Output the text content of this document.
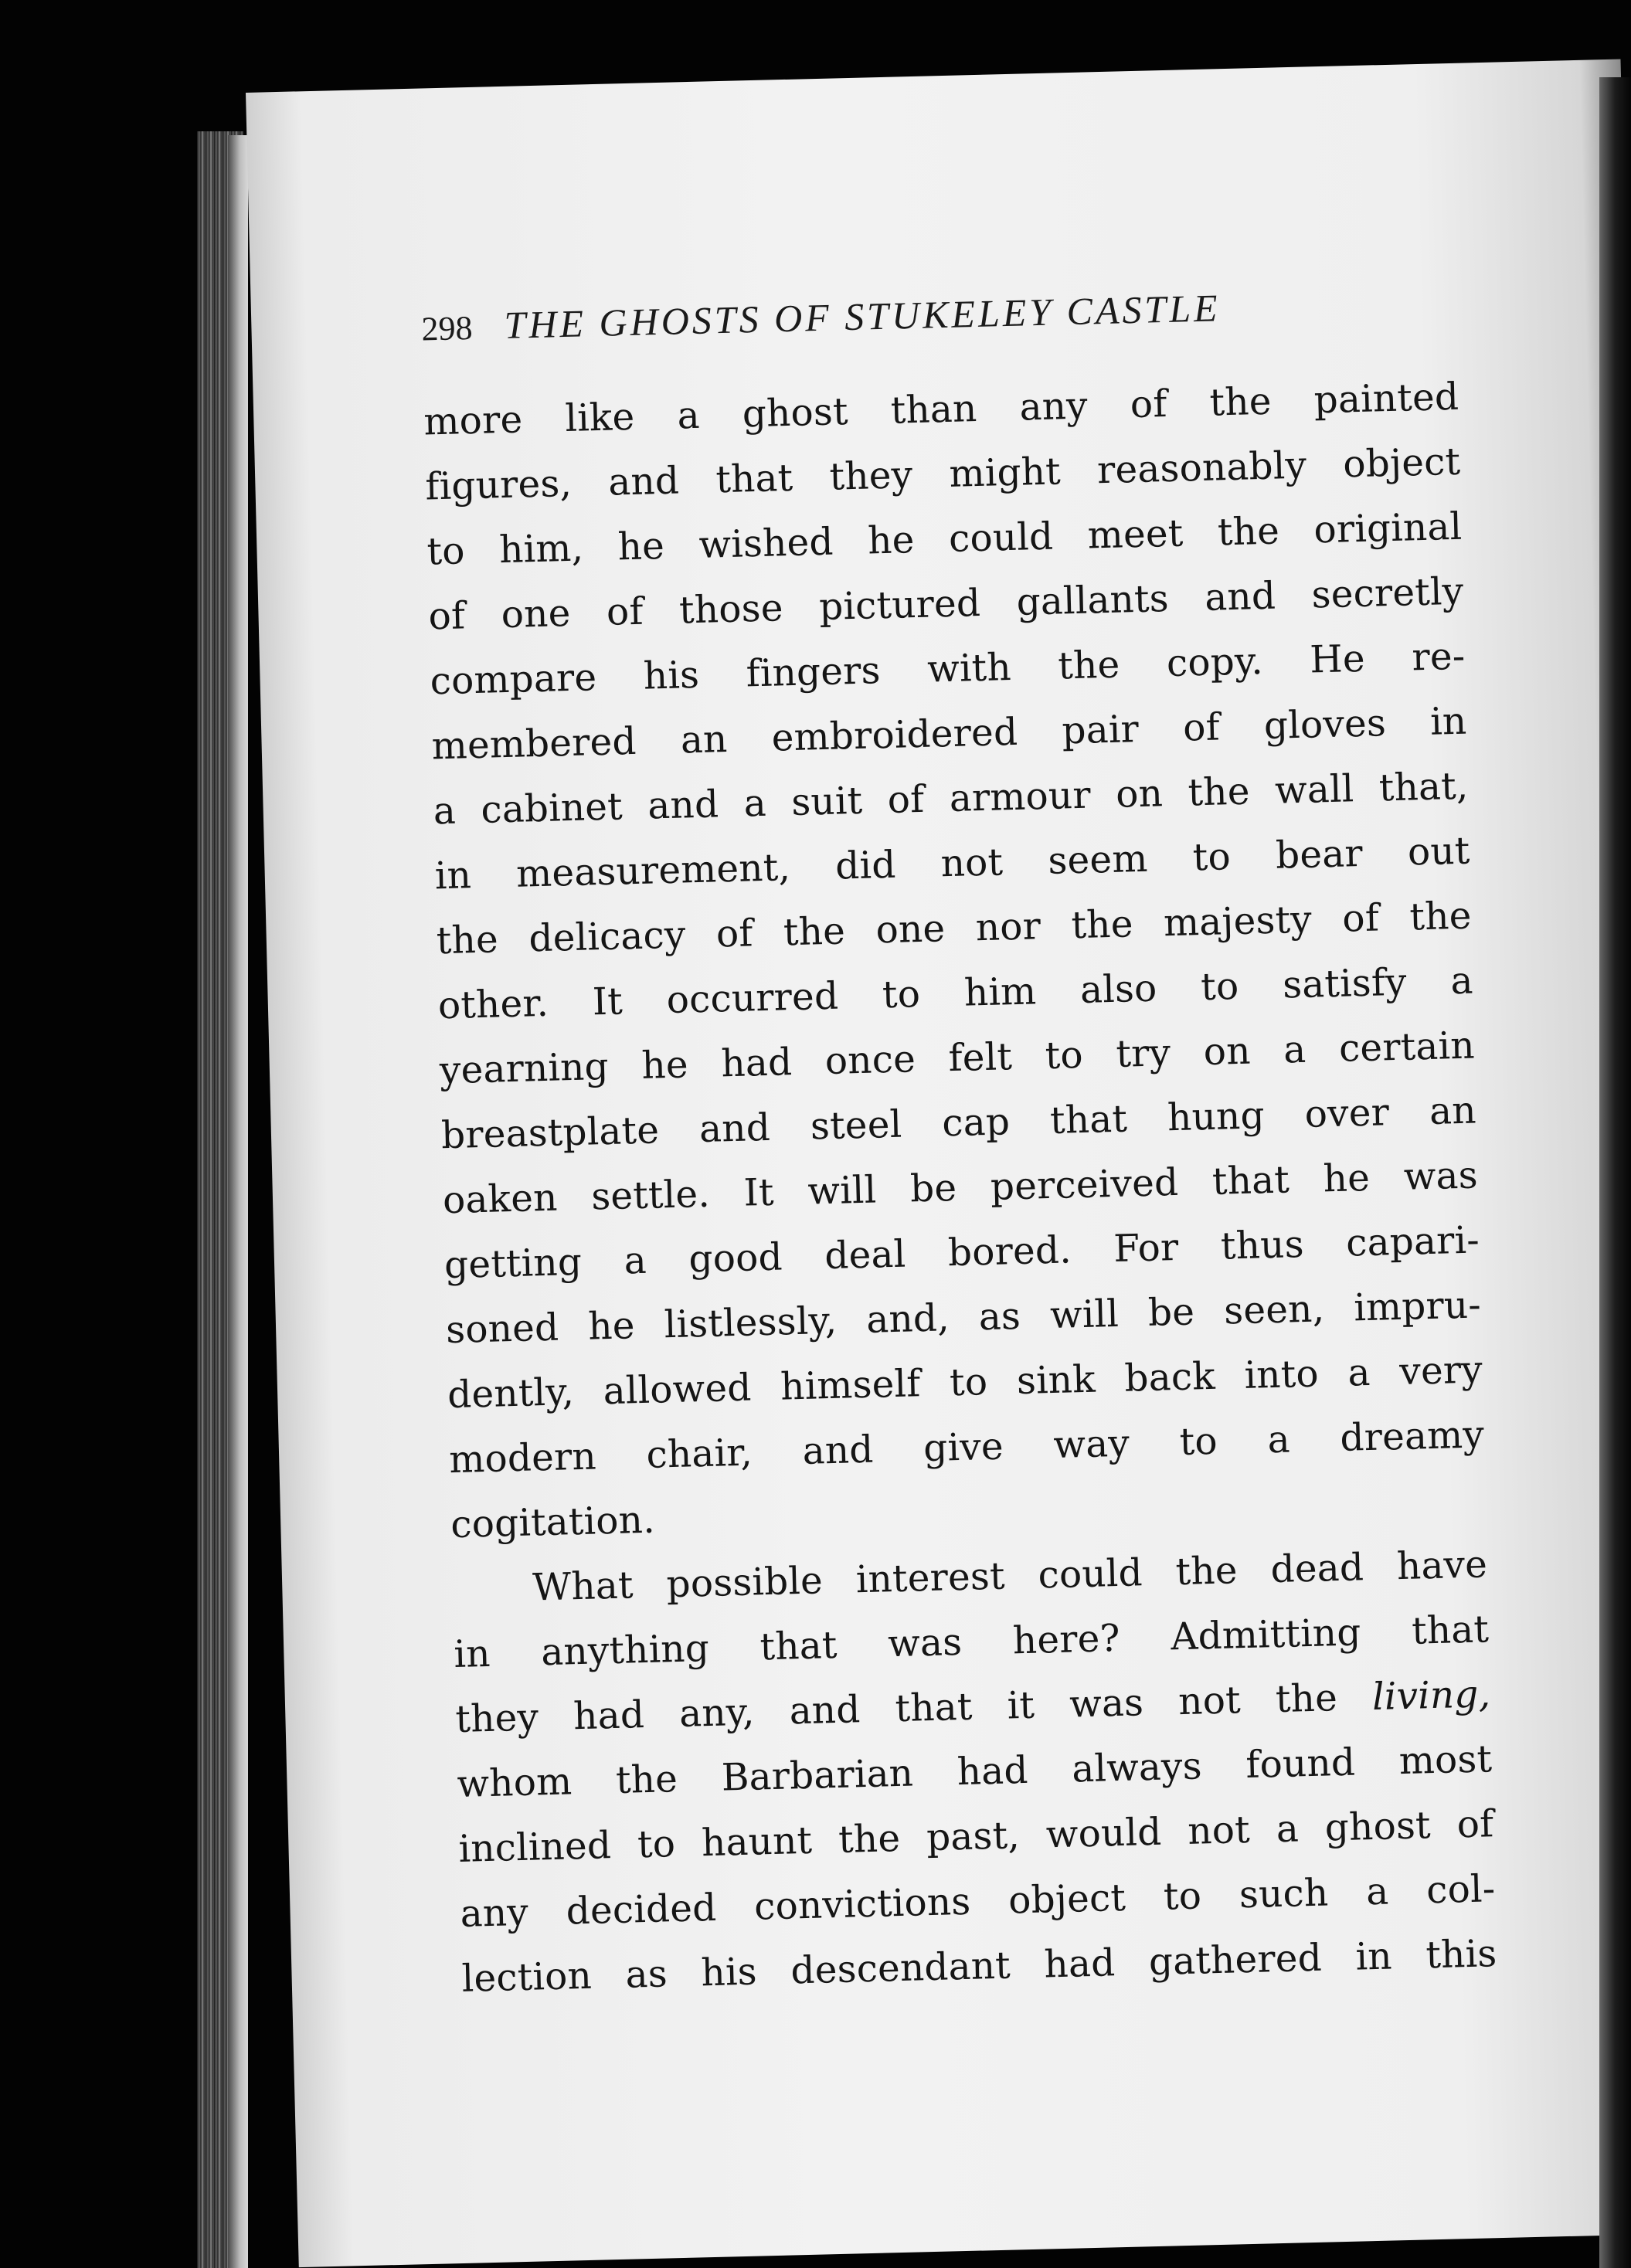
298 THE GHOSTS OF STUKELEY CASTLE
more like a ghost than any of the painted
figures, and that they might reasonably object
to him, he wished he could meet the original
of one of those pictured gallants and secretly
compare his fingers with the copy. He re-
membered an embroidered pair of gloves in
a cabinet and a suit of armour on the wall that,
in measurement, did not seem to bear out
the delicacy of the one nor the majesty of the
other. It occurred to him also to satisfy a
yearning he had once felt to try on a certain
breastplate and steel cap that hung over an
oaken settle. It will be perceived that he was
getting a good deal bored. For thus capari-
soned he listlessly, and, as will be seen, impru-
dently, allowed himself to sink back into a very
modern chair, and give way to a dreamy
cogitation.
What possible interest could the dead have
in anything that was here? Admitting that
they had any, and that it was not the living,
whom the Barbarian had always found most
inclined to haunt the past, would not a ghost of
any decided convictions object to such a col-
lection as his descendant had gathered in this
